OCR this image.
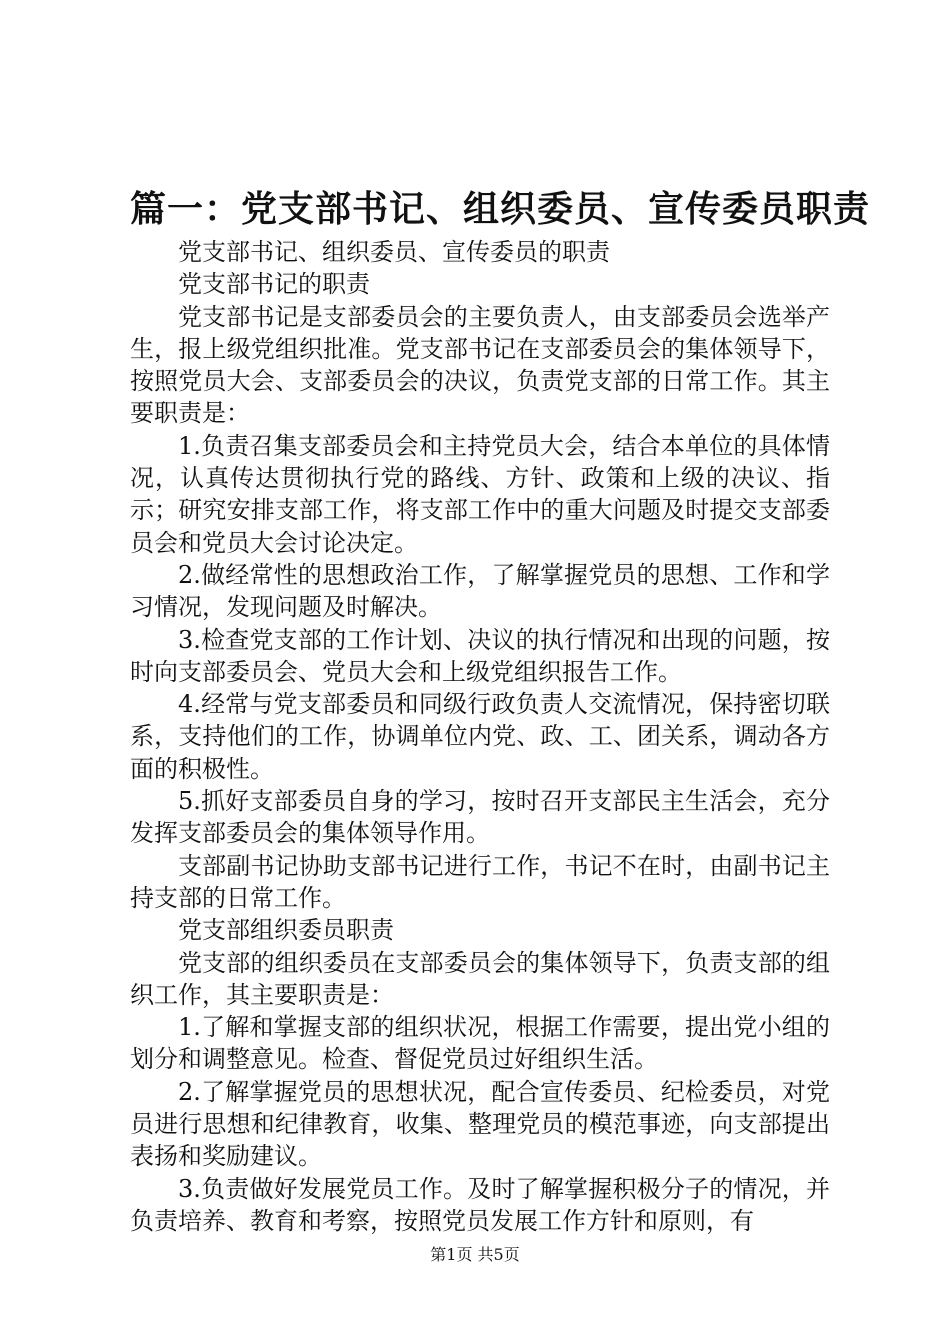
篇一：党支部书记、组织委员、宣传委员职责

党支部书记、组织委员、宣传委员的职责

党支部书记的职责

党支部书记是支部委员会的主要负责人，由支部委员会选举产生，报上级党组织批准。党支部书记在支部委员会的集体领导下，按照党员大会、支部委员会的决议，负责党支部的日常工作。其主要职责是：

1.负责召集支部委员会和主持党员大会，结合本单位的具体情况，认真传达贯彻执行党的路线、方针、政策和上级的决议、指示；研究安排支部工作，将支部工作中的重大问题及时提交支部委员会和党员大会讨论决定。

2.做经常性的思想政治工作，了解掌握党员的思想、工作和学习情况，发现问题及时解决。

3.检查党支部的工作计划、决议的执行情况和出现的问题，按时向支部委员会、党员大会和上级党组织报告工作。

4.经常与党支部委员和同级行政负责人交流情况，保持密切联系，支持他们的工作，协调单位内党、政、工、团关系，调动各方面的积极性。

5.抓好支部委员自身的学习，按时召开支部民主生活会，充分发挥支部委员会的集体领导作用。

支部副书记协助支部书记进行工作，书记不在时，由副书记主持支部的日常工作。

党支部组织委员职责

党支部的组织委员在支部委员会的集体领导下，负责支部的组织工作，其主要职责是：

1.了解和掌握支部的组织状况，根据工作需要，提出党小组的划分和调整意见。检查、督促党员过好组织生活。

2.了解掌握党员的思想状况，配合宣传委员、纪检委员，对党员进行思想和纪律教育，收集、整理党员的模范事迹，向支部提出表扬和奖励建议。

3.负责做好发展党员工作。及时了解掌握积极分子的情况，并负责培养、教育和考察，按照党员发展工作方针和原则，有

第1页 共5页
